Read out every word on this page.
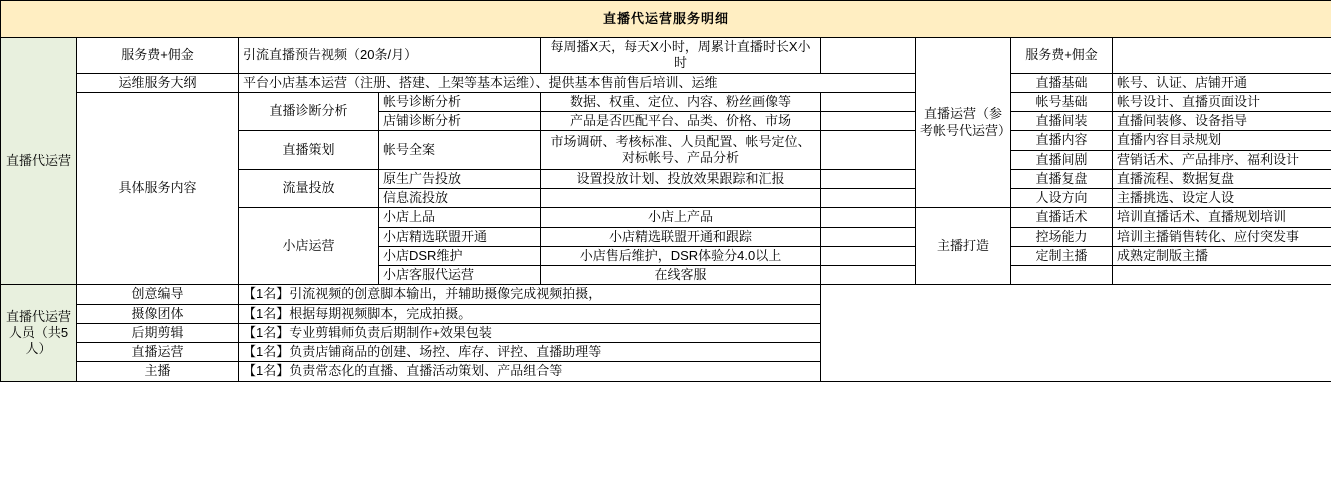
直播代运营服务明细								
直播代运营	服务费+佣金	引流直播预告视频（20条/月）		每周播X天，每天X小时，周累计直播时长X小时		直播运营（参考帐号代运营）	服务费+佣金	
	运维服务大纲	平台小店基本运营（注册、搭建、上架等基本运维）、提供基本售前售后培训、运维					直播基础	帐号、认证、店铺开通
	具体服务内容	直播诊断分析	帐号诊断分析	数据、权重、定位、内容、粉丝画像等			帐号基础	帐号设计、直播页面设计
			店铺诊断分析	产品是否匹配平台、品类、价格、市场			直播间装	直播间装修、设备指导
		直播策划	帐号全案	市场调研、考核标准、人员配置、帐号定位、对标帐号、产品分析			直播内容	直播内容目录规划
							直播间剧	营销话术、产品排序、福利设计
		流量投放	原生广告投放	设置投放计划、投放效果跟踪和汇报			直播复盘	直播流程、数据复盘
			信息流投放				人设方向	主播挑选、设定人设
		小店运营	小店上品	小店上产品		主播打造	直播话术	培训直播话术、直播规划培训
			小店精选联盟开通	小店精选联盟开通和跟踪			控场能力	培训主播销售转化、应付突发事
			小店DSR维护	小店售后维护，DSR体验分4.0以上			定制主播	成熟定制版主播
			小店客服代运营	在线客服				
直播代运营人员（共5人）	创意编导	【1名】引流视频的创意脚本输出，并辅助摄像完成视频拍摄，						
	摄像团体	【1名】根据每期视频脚本，完成拍摄。						
	后期剪辑	【1名】专业剪辑师负责后期制作+效果包装						
	直播运营	【1名】负责店铺商品的创建、场控、库存、评控、直播助理等						
	主播	【1名】负责常态化的直播、直播活动策划、产品组合等						
